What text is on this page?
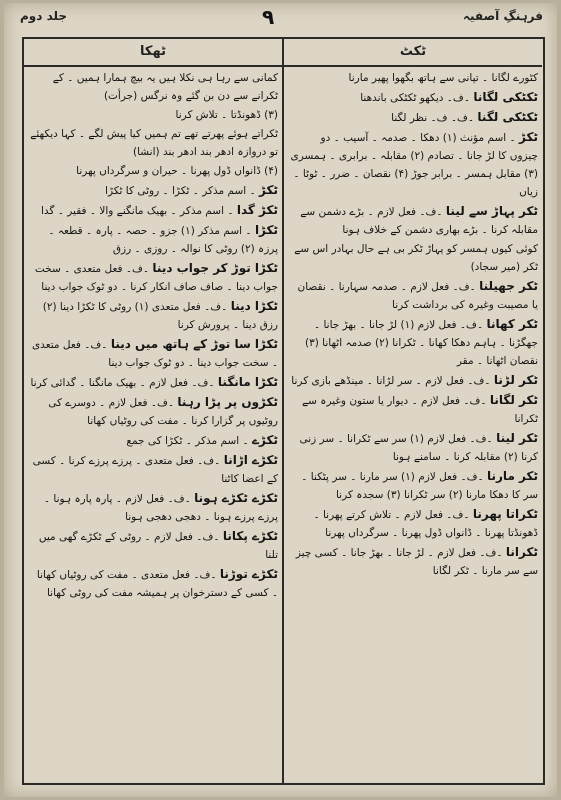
جلد دوم	۹	فرہنگِ آصفیہ
ٹھکا	ٹکٹ
کٹورے لگانا ۔ تپانی سے ہاتھ بگھوا پھیر مارنا
ٹکٹکی لگانا ۔ف۔ دیکھو ٹکٹکی باندھنا
ٹکٹکی لگنا ۔ف۔ ف۔ نظر لگنا
ٹکڑ ۔ اسم مؤنث (۱) دھکا ۔ صدمہ ۔ آسیب ۔ دو چیزوں کا لڑ جانا ۔ تصادم (۲) مقابلہ ۔ برابری ۔ ہمسری (۳) مقابل ہمسر ۔ برابر جوڑ (۴) نقصان ۔ ضرر ۔ ٹوٹا ۔ زیاں
ٹکر پہاڑ سے لینا ۔ف۔ فعل لازم ۔ بڑے دشمن سے مقابلہ کرنا ۔ بڑے بھاری دشمن کے خلاف ہونا
کوئی کیوں ہمسر کو پہاڑ ٹکر بی ہے حال بہادر اس سے ٹکر (میر سجاد)
ٹکر جھیلنا ۔ف۔ فعل لازم ۔ صدمہ سہارنا ۔ نقصان یا مصیبت وغیرہ کی برداشت کرنا
ٹکر کھانا ۔ف۔ فعل لازم (۱) لڑ جانا ۔ بھڑ جانا ۔ جھگڑنا ۔ ہاہم دھکا کھانا ۔ ٹکرانا (۲) صدمہ اٹھانا (۳) نقصان اٹھانا ۔ مقر
ٹکر لڑنا ۔ف۔ فعل لازم ۔ سر لڑانا ۔ مینڈھے بازی کرنا
ٹکر لگانا ۔ف۔ فعل لازم ۔ دیوار یا ستون وغیرہ سے ٹکرانا
ٹکر لینا ۔ف۔ فعل لازم (۱) سر سے ٹکرانا ۔ سر زنی کرنا (۲) مقابلہ کرنا ۔ سامنے ہونا
ٹکر مارنا ۔ف۔ فعل لازم (۱) سر مارنا ۔ سر پٹکنا ۔ سر کا دھکا مارنا (۲) سر ٹکرانا (۳) سجدہ کرنا
ٹکراتا پھرنا ۔ف۔ فعل لازم ۔ تلاش کرتے پھرنا ۔ ڈھونڈتا پھرنا ۔ ڈانواں ڈول پھرنا ۔ سرگرداں پھرنا
ٹکرانا ۔ف۔ فعل لازم ۔ لڑ جانا ۔ بھڑ جانا ۔ کسی چیز سے سر مارنا ۔ ٹکر لگانا
کمانی سے رہا ہی نکلا ہیں یہ بیچ ہمارا ہمیں ۔ کے ٹکرانے سے دن بن گئے وہ نرگس (جرأت)
(۳) ڈھونڈتا ۔ تلاش کرنا
ٹکراتے ہوئے پھرتے تھے تم ہمیں کیا پیش لگے ۔ کہا دیکھئے تو دروازہ ادھر بند ادھر بند (انشا)
(۴) ڈانواں ڈول پھرنا ۔ حیران و سرگرداں پھرنا
ٹکڑ ۔ اسم مذکر ۔ ٹکڑا ۔ روٹی کا ٹکڑا
ٹکڑ گدا ۔ اسم مذکر ۔ بھیک مانگنے والا ۔ فقیر ۔ گدا
ٹکڑا ۔ اسم مذکر (۱) جزو ۔ حصہ ۔ پارہ ۔ قطعہ ۔ پرزہ (۲) روٹی کا نوالہ ۔ روزی ۔ رزق
ٹکڑا توڑ کر جواب دینا ۔ف۔ فعل متعدی ۔ سخت جواب دینا ۔ صاف صاف انکار کرنا ۔ دو ٹوک جواب دینا
ٹکڑا دینا ۔ف۔ فعل متعدی (۱) روٹی کا ٹکڑا دینا (۲) رزق دینا ۔ پرورش کرنا
ٹکڑا سا توڑ کے ہاتھ میں دینا ۔ف۔ فعل متعدی ۔ سخت جواب دینا ۔ دو ٹوک جواب دینا
ٹکڑا مانگنا ۔ف۔ فعل لازم ۔ بھیک مانگنا ۔ گدائی کرنا
ٹکڑوں پر پڑا رہنا ۔ف۔ فعل لازم ۔ دوسرے کی روٹیوں پر گزارا کرنا ۔ مفت کی روٹیاں کھانا
ٹکڑے ۔ اسم مذکر ۔ ٹکڑا کی جمع
ٹکڑے اڑانا ۔ف۔ فعل متعدی ۔ پرزے پرزے کرنا ۔ کسی کے اعضا کاٹنا
ٹکڑے ٹکڑے ہونا ۔ف۔ فعل لازم ۔ پارہ پارہ ہونا ۔ پرزے پرزے ہونا ۔ دھجی دھجی ہونا
ٹکڑے پکانا ۔ف۔ فعل لازم ۔ روٹی کے ٹکڑے گھی میں تلنا
ٹکڑے توڑنا ۔ف۔ فعل متعدی ۔ مفت کی روٹیاں کھانا ۔ کسی کے دسترخوان پر ہمیشہ مفت کی روٹی کھانا
